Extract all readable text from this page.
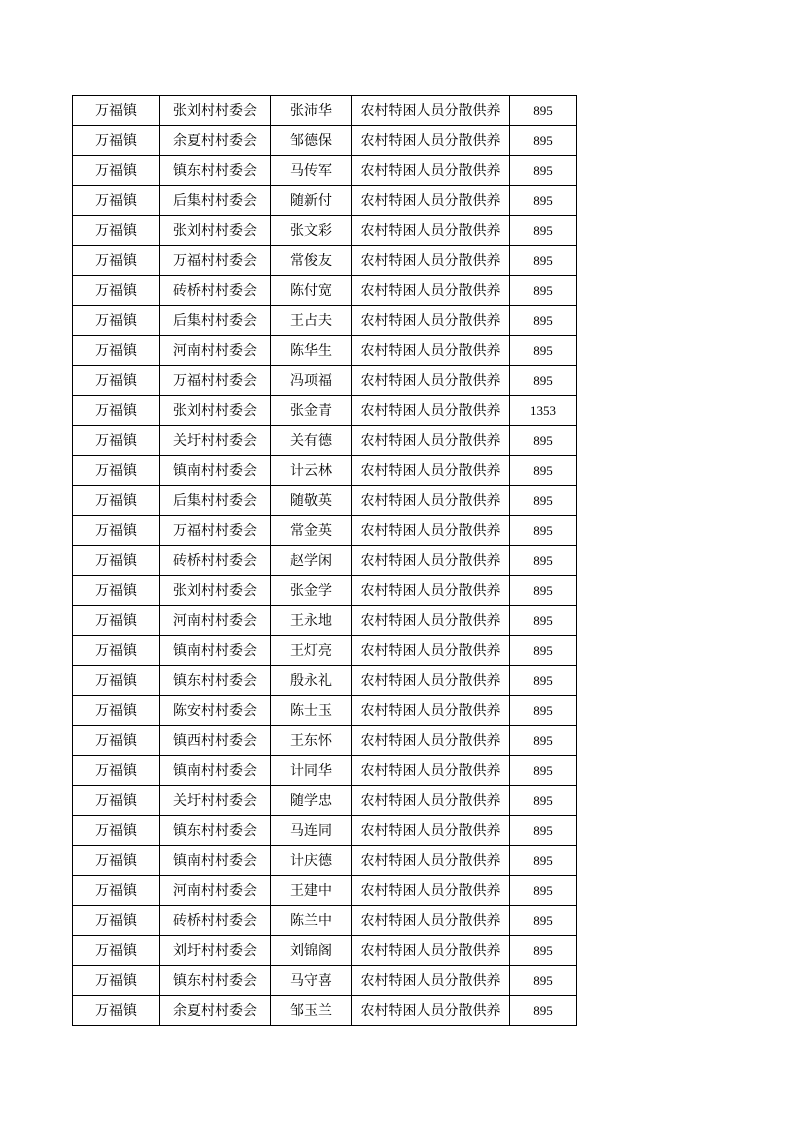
万福镇	张刘村村委会	张沛华	农村特困人员分散供养	895
万福镇	余夏村村委会	邹德保	农村特困人员分散供养	895
万福镇	镇东村村委会	马传军	农村特困人员分散供养	895
万福镇	后集村村委会	随新付	农村特困人员分散供养	895
万福镇	张刘村村委会	张文彩	农村特困人员分散供养	895
万福镇	万福村村委会	常俊友	农村特困人员分散供养	895
万福镇	砖桥村村委会	陈付宽	农村特困人员分散供养	895
万福镇	后集村村委会	王占夫	农村特困人员分散供养	895
万福镇	河南村村委会	陈华生	农村特困人员分散供养	895
万福镇	万福村村委会	冯项福	农村特困人员分散供养	895
万福镇	张刘村村委会	张金青	农村特困人员分散供养	1353
万福镇	关圩村村委会	关有德	农村特困人员分散供养	895
万福镇	镇南村村委会	计云林	农村特困人员分散供养	895
万福镇	后集村村委会	随敬英	农村特困人员分散供养	895
万福镇	万福村村委会	常金英	农村特困人员分散供养	895
万福镇	砖桥村村委会	赵学闲	农村特困人员分散供养	895
万福镇	张刘村村委会	张金学	农村特困人员分散供养	895
万福镇	河南村村委会	王永地	农村特困人员分散供养	895
万福镇	镇南村村委会	王灯亮	农村特困人员分散供养	895
万福镇	镇东村村委会	殷永礼	农村特困人员分散供养	895
万福镇	陈安村村委会	陈士玉	农村特困人员分散供养	895
万福镇	镇西村村委会	王东怀	农村特困人员分散供养	895
万福镇	镇南村村委会	计同华	农村特困人员分散供养	895
万福镇	关圩村村委会	随学忠	农村特困人员分散供养	895
万福镇	镇东村村委会	马连同	农村特困人员分散供养	895
万福镇	镇南村村委会	计庆德	农村特困人员分散供养	895
万福镇	河南村村委会	王建中	农村特困人员分散供养	895
万福镇	砖桥村村委会	陈兰中	农村特困人员分散供养	895
万福镇	刘圩村村委会	刘锦阁	农村特困人员分散供养	895
万福镇	镇东村村委会	马守喜	农村特困人员分散供养	895
万福镇	余夏村村委会	邹玉兰	农村特困人员分散供养	895
